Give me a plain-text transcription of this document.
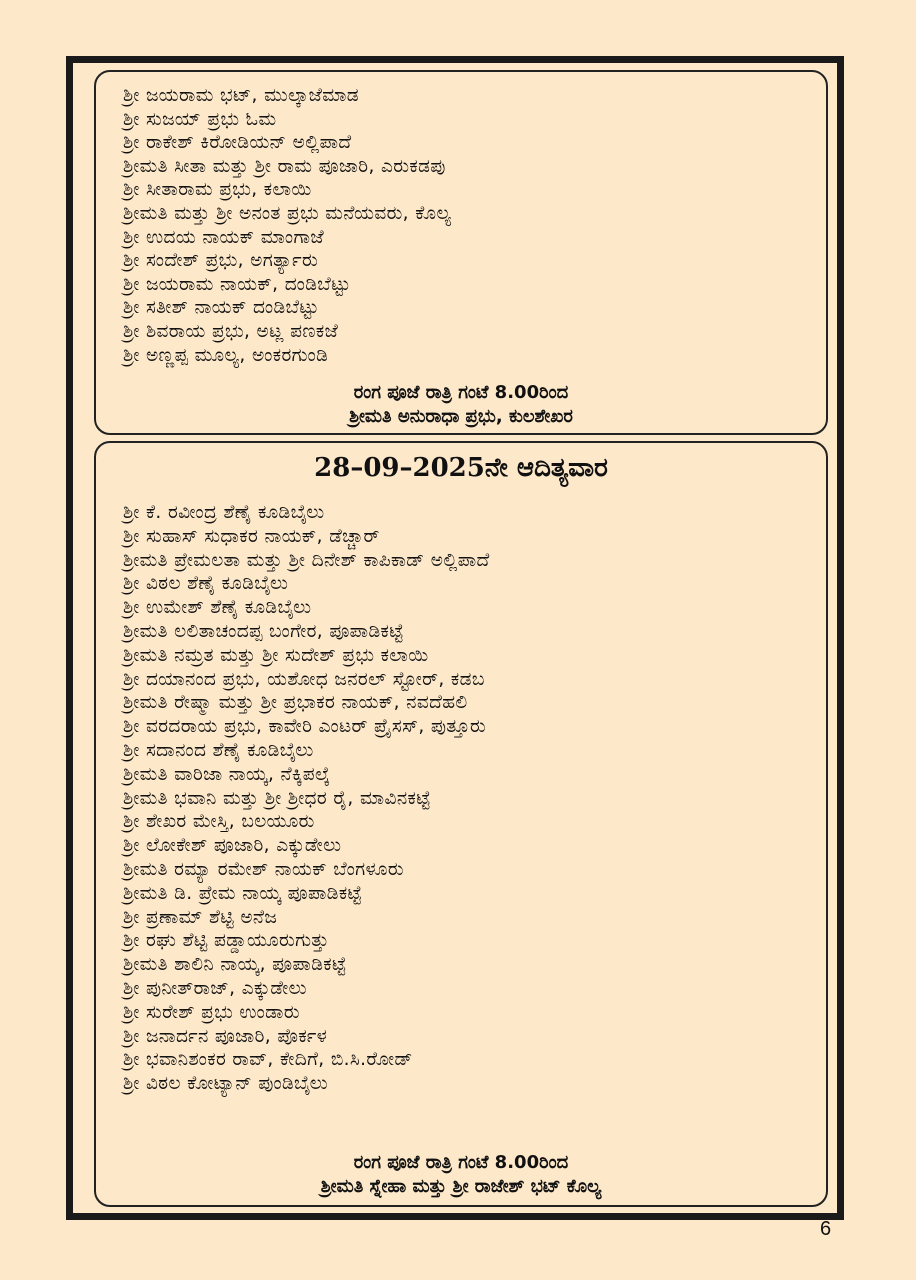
ಶ್ರೀ ಜಯರಾಮ ಭಟ್, ಮುಲ್ಕಾಜೆಮಾಡ
ಶ್ರೀ ಸುಜಯ್ ಪ್ರಭು ಓಮ
ಶ್ರೀ ರಾಕೇಶ್ ಕಿರೋಡಿಯನ್ ಅಲ್ಲಿಪಾದೆ
ಶ್ರೀಮತಿ ಸೀತಾ ಮತ್ತು ಶ್ರೀ ರಾಮ ಪೂಜಾರಿ, ಎರುಕಡಪು
ಶ್ರೀ ಸೀತಾರಾಮ ಪ್ರಭು, ಕಲಾಯಿ
ಶ್ರೀಮತಿ ಮತ್ತು ಶ್ರೀ ಅನಂತ ಪ್ರಭು ಮನೆಯವರು, ಕೊಲ್ಯ
ಶ್ರೀ ಉದಯ ನಾಯಕ್ ಮಾಂಗಾಜೆ
ಶ್ರೀ ಸಂದೇಶ್ ಪ್ರಭು, ಅಗರ್ತ್ಯಾರು
ಶ್ರೀ ಜಯರಾಮ ನಾಯಕ್, ದಂಡಿಬೆಟ್ಟು
ಶ್ರೀ ಸತೀಶ್ ನಾಯಕ್ ದಂಡಿಬೆಟ್ಟು
ಶ್ರೀ ಶಿವರಾಯ ಪ್ರಭು, ಅಟ್ಲ ಪಣಕಜೆ
ಶ್ರೀ ಅಣ್ಣಪ್ಪ ಮೂಲ್ಯ, ಅಂಕರಗುಂಡಿ
ರಂಗ ಪೂಜೆ ರಾತ್ರಿ ಗಂಟೆ 8.00ರಿಂದ
ಶ್ರೀಮತಿ ಅನುರಾಧಾ ಪ್ರಭು, ಕುಲಶೇಖರ
28–09–2025ನೇ ಆದಿತ್ಯವಾರ
ಶ್ರೀ ಕೆ. ರವೀಂದ್ರ ಶೆಣೈ ಕೂಡಿಬೈಲು
ಶ್ರೀ ಸುಹಾಸ್ ಸುಧಾಕರ ನಾಯಕ್, ಡೆಚ್ಚಾರ್
ಶ್ರೀಮತಿ ಪ್ರೇಮಲತಾ ಮತ್ತು ಶ್ರೀ ದಿನೇಶ್ ಕಾಪಿಕಾಡ್ ಅಲ್ಲಿಪಾದೆ
ಶ್ರೀ ವಿಠಲ ಶೆಣೈ ಕೂಡಿಬೈಲು
ಶ್ರೀ ಉಮೇಶ್ ಶೆಣೈ ಕೂಡಿಬೈಲು
ಶ್ರೀಮತಿ ಲಲಿತಾಚಂದಪ್ಪ ಬಂಗೇರ, ಪೂಪಾಡಿಕಟ್ಟೆ
ಶ್ರೀಮತಿ ನಮ್ರತ ಮತ್ತು ಶ್ರೀ ಸುದೇಶ್ ಪ್ರಭು ಕಲಾಯಿ
ಶ್ರೀ ದಯಾನಂದ ಪ್ರಭು, ಯಶೋಧ ಜನರಲ್ ಸ್ಟೋರ್, ಕಡಬ
ಶ್ರೀಮತಿ ರೇಷ್ಮಾ ಮತ್ತು ಶ್ರೀ ಪ್ರಭಾಕರ ನಾಯಕ್, ನವದೆಹಲಿ
ಶ್ರೀ ವರದರಾಯ ಪ್ರಭು, ಕಾವೇರಿ ಎಂಟರ್ ಪ್ರೈಸಸ್, ಪುತ್ತೂರು
ಶ್ರೀ ಸದಾನಂದ ಶೆಣೈ ಕೂಡಿಬೈಲು
ಶ್ರೀಮತಿ ವಾರಿಜಾ ನಾಯ್ಕ, ನೆಕ್ಕಿಪಲ್ಕೆ
ಶ್ರೀಮತಿ ಭವಾನಿ ಮತ್ತು ಶ್ರೀ ಶ್ರೀಧರ ರೈ, ಮಾವಿನಕಟ್ಟೆ
ಶ್ರೀ ಶೇಖರ ಮೇಸ್ತಿ, ಬಲಯೂರು
ಶ್ರೀ ಲೋಕೇಶ್ ಪೂಜಾರಿ, ಎಕ್ಕುಡೇಲು
ಶ್ರೀಮತಿ ರಮ್ಯಾ ರಮೇಶ್ ನಾಯಕ್ ಬೆಂಗಳೂರು
ಶ್ರೀಮತಿ ಡಿ. ಪ್ರೇಮ ನಾಯ್ಕ ಪೂಪಾಡಿಕಟ್ಟೆ
ಶ್ರೀ ಪ್ರಣಾಮ್ ಶೆಟ್ಟಿ ಅನೆಜ
ಶ್ರೀ ರಘು ಶೆಟ್ಟಿ ಪಡ್ಡಾಯೂರುಗುತ್ತು
ಶ್ರೀಮತಿ ಶಾಲಿನಿ ನಾಯ್ಕ, ಪೂಪಾಡಿಕಟ್ಟೆ
ಶ್ರೀ ಪುನೀತ್‌ರಾಜ್, ಎಕ್ಕುಡೇಲು
ಶ್ರೀ ಸುರೇಶ್ ಪ್ರಭು ಉಂಡಾರು
ಶ್ರೀ ಜನಾರ್ದನ ಪೂಜಾರಿ, ಪೊರ್ಕಳ
ಶ್ರೀ ಭವಾನಿಶಂಕರ ರಾವ್, ಕೇದಿಗೆ, ಬಿ.ಸಿ.ರೋಡ್
ಶ್ರೀ ವಿಠಲ ಕೋಟ್ಯಾನ್ ಪುಂಡಿಬೈಲು
ರಂಗ ಪೂಜೆ ರಾತ್ರಿ ಗಂಟೆ 8.00ರಿಂದ
ಶ್ರೀಮತಿ ಸ್ನೇಹಾ ಮತ್ತು ಶ್ರೀ ರಾಜೇಶ್ ಭಟ್ ಕೊಲ್ಯ
6
